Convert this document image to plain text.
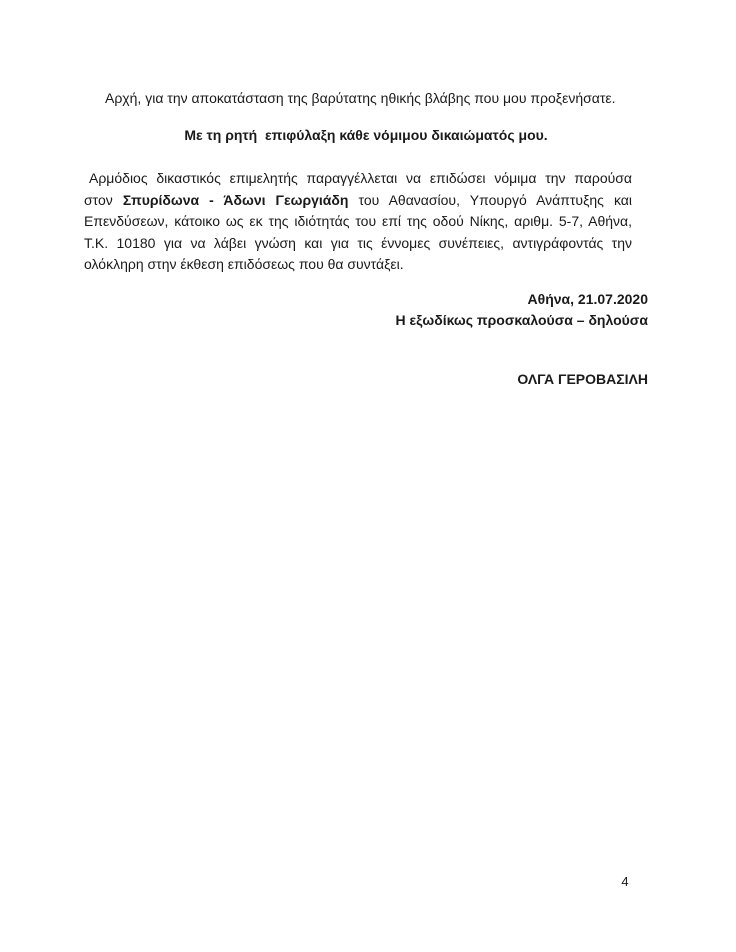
Αρχή, για την αποκατάσταση της βαρύτατης ηθικής βλάβης που μου προξενήσατε.
Με τη ρητή  επιφύλαξη κάθε νόμιμου δικαιώματός μου.
Αρμόδιος δικαστικός επιμελητής παραγγέλλεται να επιδώσει νόμιμα την παρούσα
στον Σπυρίδωνα - Άδωνι Γεωργιάδη του Αθανασίου, Υπουργό Ανάπτυξης και
Επενδύσεων, κάτοικο ως εκ της ιδιότητάς του επί της οδού Νίκης, αριθμ. 5-7, Αθήνα,
Τ.Κ. 10180 για να λάβει γνώση και για τις έννομες συνέπειες, αντιγράφοντάς την
ολόκληρη στην έκθεση επιδόσεως που θα συντάξει.
Αθήνα, 21.07.2020
Η εξωδίκως προσκαλούσα – δηλούσα
ΟΛΓΑ ΓΕΡΟΒΑΣΙΛΗ
4
